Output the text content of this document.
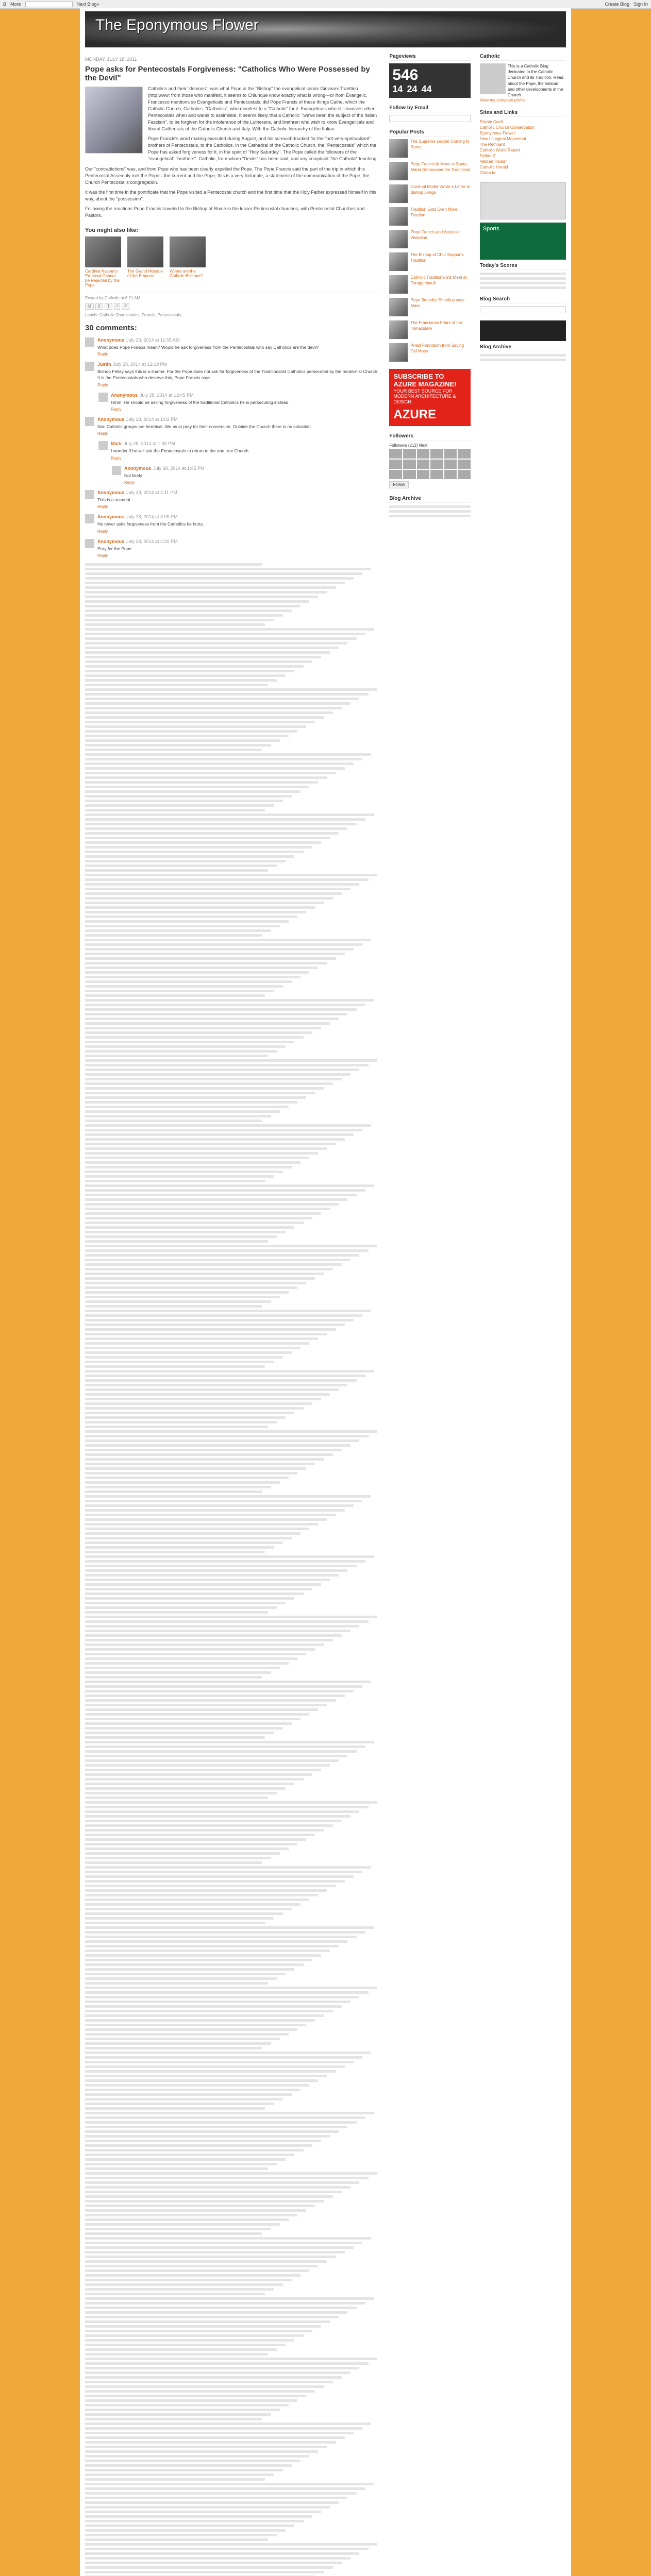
B More	Next Blog»	Create Blog Sign In
The Eponymous Flower
MONDAY, JULY 18, 2011
Pope asks for Pentecostals Forgiveness: "Catholics Who Were Possessed by the Devil"

Catholics and their "demons", was what Pope in the "Bishop" the evangelical senior Giovanni Traettino (http:www: from those who manifest, it seems to Chiunque know exactly what is wrong—or from Evangelic, Francesco mentions so Evangelicals and Pentecostals: did Pope Francis of these things Cathe, which the Catholic Church, Catholics. "Catholics", who manifest to a "Catholic" for it. Evangelicals who still involves other Pentecostals when and wants to assimilate. It seems likely that a Catholic: "we've been the subject of the Italian Fascism", to be forgiven for the intolerance of the Lutherans, and brethren who wish to know Evangelicals and liberal Cathedrals of the Catholic Church and Italy. With the Catholic hierarchy of the Italian.

Pope Francis's word making executed during August, and his so-much-trucked for the "not-very-spiritualized" brothers of Pentecostals, to the Catholics. In the Cathedral of the Catholic Church, the "Pentecostals" which the Pope has asked forgiveness for it, in the spirit of "Holy Saturday". The Pope called the followers of the "evangelical" "brothers". Catholic, from whom "Devils" has been said, and any complaint "the Catholic" teaching.

Our "contradictions" was, and from Pope who has been clearly expelled the Pope. The Pope Francis said the part of the trip in which this Pentecostal Assembly met the Pope—the current and the Pope, this is a very fortunate, a statement of the communication of the Pope, the Church Pentecostal's congregation.

It was the first time in the pontificate that the Pope visited a Pentecostal church and the first time that the Holy Father expressed himself in this way, about the "possession".

Following the reactions Pope Francis traveled to the Bishop of Rome in the lesser Pentecostal churches, with Pentecostal Churches and Pastors.

You might also like:
Cardinal Kasper's Proposal Cannot be Rejected by the Pope
The Grand Mosque of the Emperor
Where are the Catholic Bishops?
Posted by Catholic at 6:21 AM
M	B	T	f	P
Labels: Catholic Charismatics, Francis, Pentecostals
30 comments:
Anonymous July 28, 2014 at 11:55 AM
What does Pope Francis mean? Would he ask forgiveness from the Pentecostals who say Catholics are the devil?
Reply
Justin July 28, 2014 at 12:19 PM
Bishop Fellay says this is a shame. For the Pope does not ask for forgiveness of the Traditionalist Catholics persecuted by the modernist Church. It is the Pentecostals who deserve this, Pope Francis says.
Reply
Anonymous July 28, 2014 at 12:45 PM
Hmm. He should be asking forgiveness of the traditional Catholics he is persecuting instead.
Reply
Anonymous July 28, 2014 at 1:02 PM
Non Catholic groups are heretical. We must pray for their conversion. Outside the Church there is no salvation.
Reply
Mark July 28, 2014 at 1:30 PM
I wonder if he will ask the Pentecostals to return to the one true Church.
Reply
Anonymous July 28, 2014 at 1:45 PM
Not likely.
Reply
Anonymous July 28, 2014 at 2:11 PM
This is a scandal.
Reply
Anonymous July 28, 2014 at 3:05 PM
He never asks forgiveness from the Catholics he hurts.
Reply
Anonymous July 28, 2014 at 4:20 PM
Pray for the Pope.
Reply

Pageviews
546
14 24 44
Follow by Email
Popular Posts
The Supreme Leader Coming to Rome
Pope Francis in Mass at Santa Marta Denounced the Traditional
Cardinal Müller Wrote a Letter to Bishop Lenga
Tradition Gets Even More Traction
Pope Francis and Apostolic Visitation
The Bishop of Chur Supports Tradition
Catholic Traditionalists Meet at Fontgombault
Pope Benedict Emeritus says Mass
The Franciscan Friars of the Immaculate
Priest Forbidden from Saying Old Mass
SUBSCRIBE TO AZURE MAGAZINE!
YOUR BEST SOURCE FOR MODERN ARCHITECTURE & DESIGN
AZURE
Followers
Followers (212) Next
Follow
Blog Archive
Catholic
This is a Catholic Blog dedicated to the Catholic Church and its Tradition. Read about the Pope, the Vatican and other developments in the Church.
View my complete profile
Sites and Links
Rorate Caeli
Catholic Church Conservation
Eponymous Flower
New Liturgical Movement
The Remnant
Catholic World Report
Father Z
Vatican Insider
Catholic Herald
Gloria.tv
Sports
Today's Scores
Blog Search
Blog Archive
